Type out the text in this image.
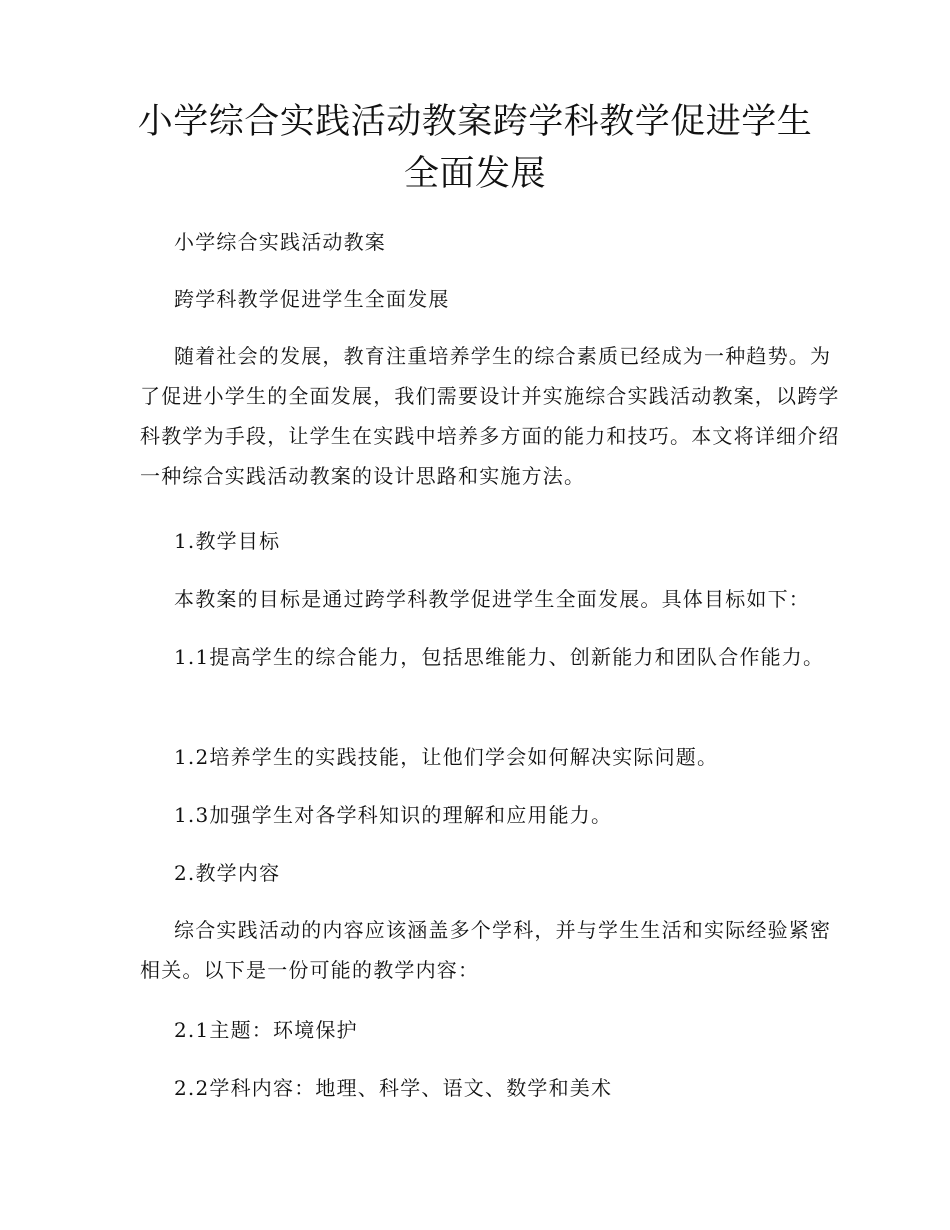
小学综合实践活动教案跨学科教学促进学生
全面发展

小学综合实践活动教案

跨学科教学促进学生全面发展

随着社会的发展，教育注重培养学生的综合素质已经成为一种趋势。为了促进小学生的全面发展，我们需要设计并实施综合实践活动教案，以跨学科教学为手段，让学生在实践中培养多方面的能力和技巧。本文将详细介绍一种综合实践活动教案的设计思路和实施方法。

1.教学目标

本教案的目标是通过跨学科教学促进学生全面发展。具体目标如下：

1.1提高学生的综合能力，包括思维能力、创新能力和团队合作能力。

1.2培养学生的实践技能，让他们学会如何解决实际问题。

1.3加强学生对各学科知识的理解和应用能力。

2.教学内容

综合实践活动的内容应该涵盖多个学科，并与学生生活和实际经验紧密相关。以下是一份可能的教学内容：

2.1主题：环境保护

2.2学科内容：地理、科学、语文、数学和美术
